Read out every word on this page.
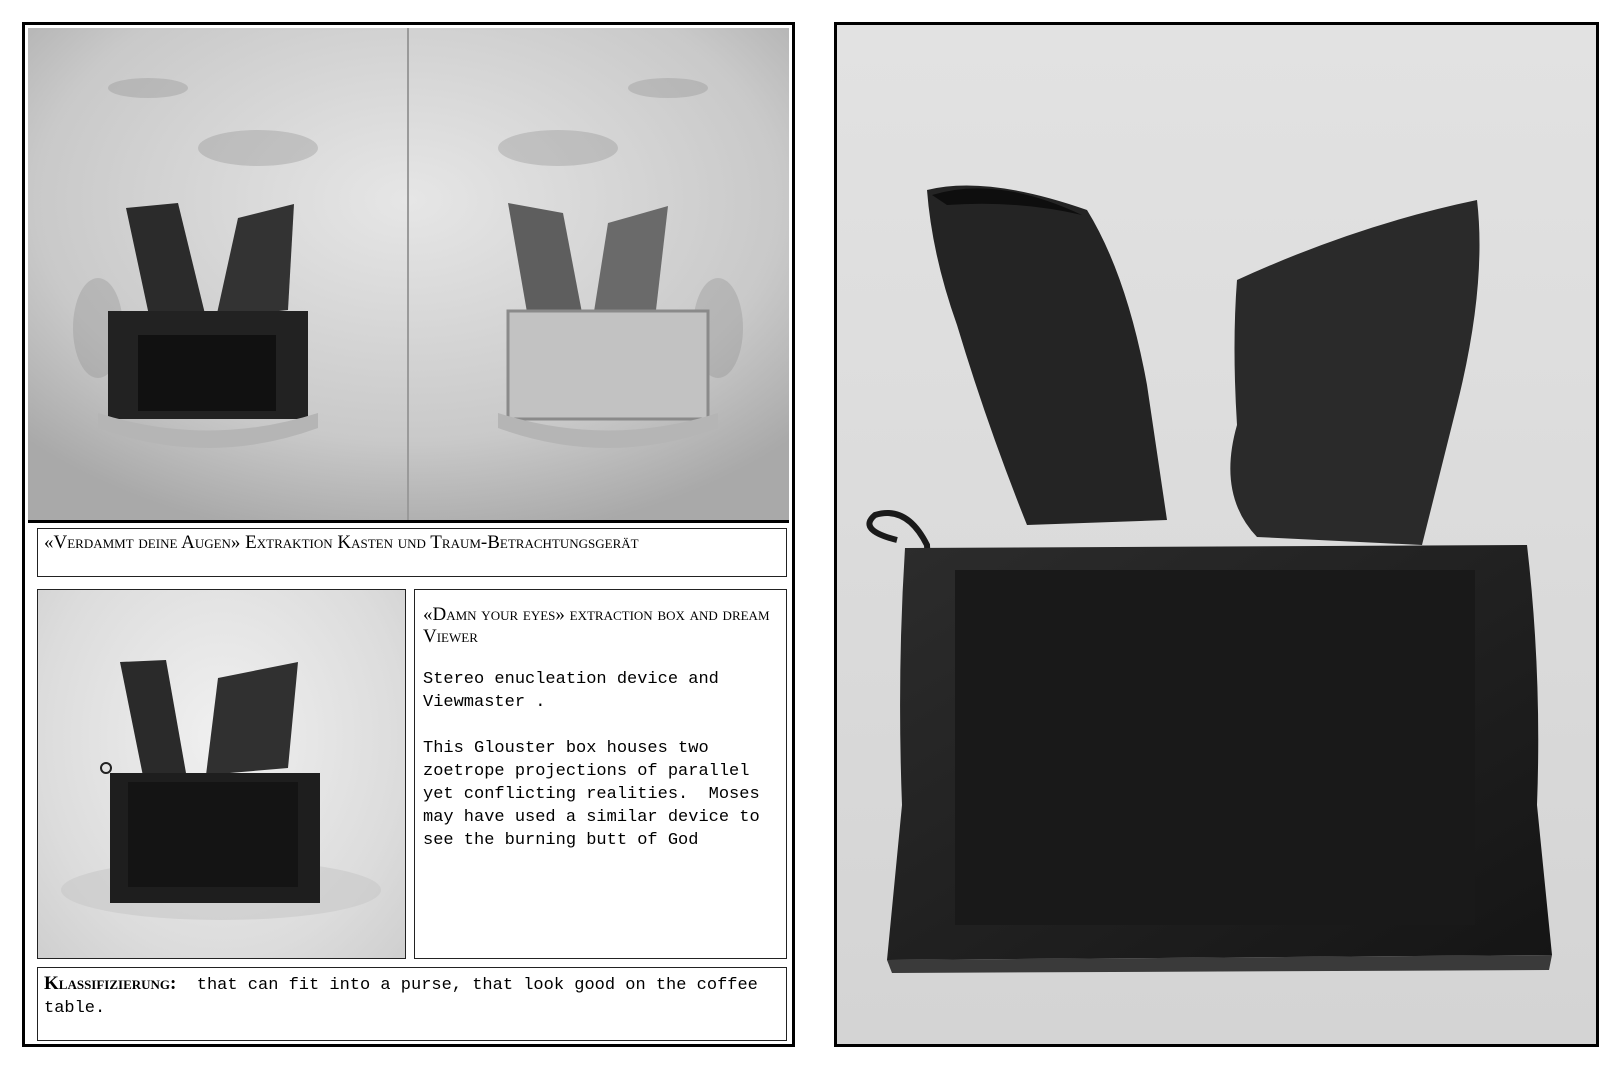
«Verdammt deine Augen» Extraktion Kasten und Traum-Betrachtungsgerät
«Damn your eyes» extraction box and dream Viewer
Stereo enucleation device and Viewmaster .
This Glouster box houses two zoetrope projections of parallel yet conflicting realities.  Moses may have used a similar device to see the burning butt of God
Klassifizierung:  that can fit into a purse, that look good on the coffee table.
